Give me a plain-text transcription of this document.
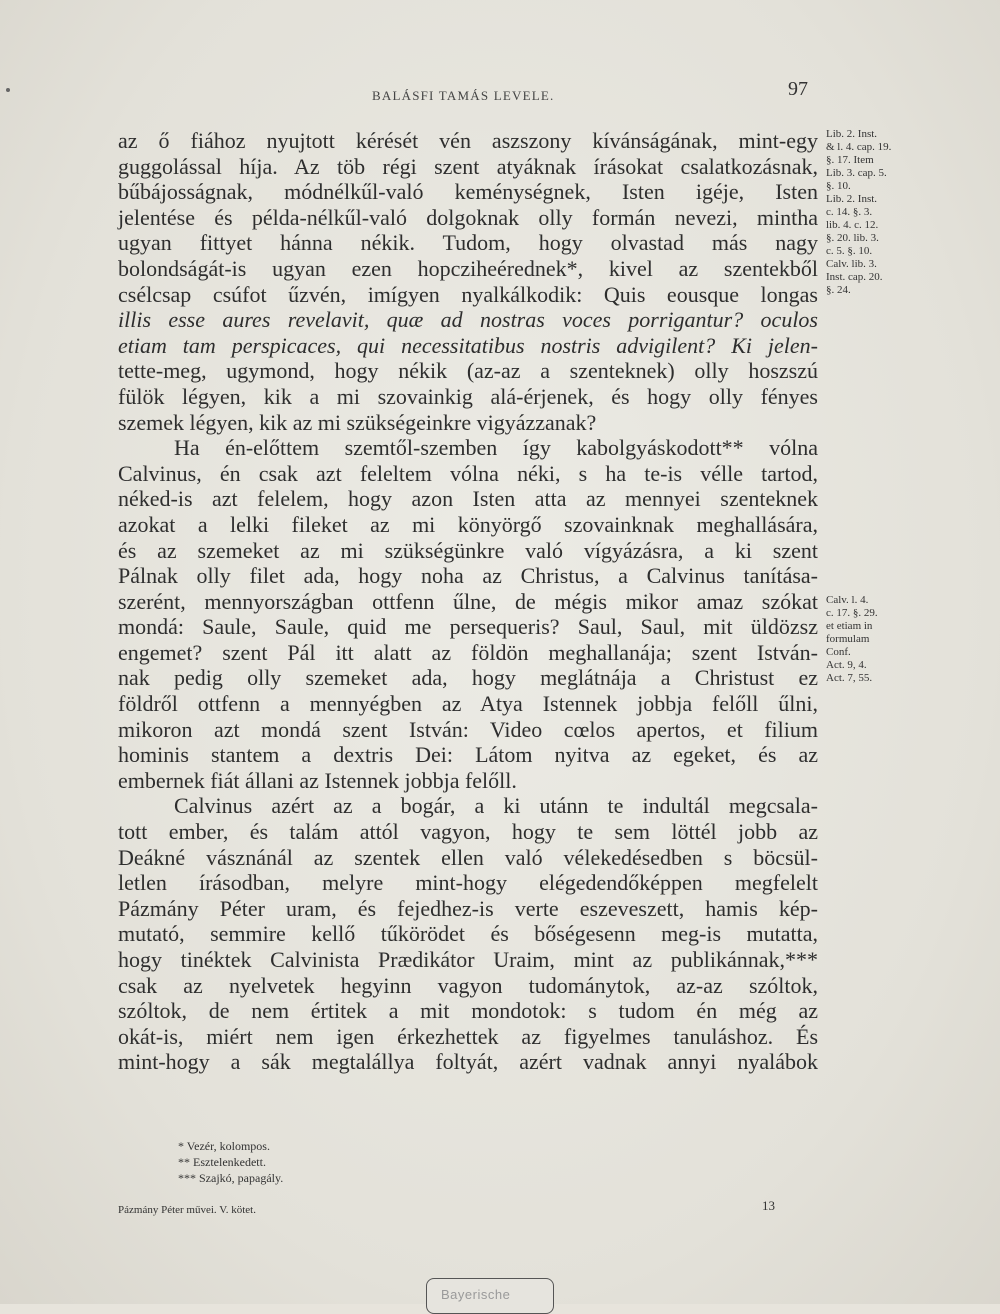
BALÁSFI TAMÁS LEVELE.	97
az ő fiához nyujtott kérését vén aszszony kívánságának, mint-egy
guggolással híja. Az töb régi szent atyáknak írásokat csalatkozásnak,
bűbájosságnak, módnélkűl-való keménységnek, Isten igéje, Isten
jelentése és példa-nélkűl-való dolgoknak olly formán nevezi, mintha
ugyan fittyet hánna nékik. Tudom, hogy olvastad más nagy
bolondságát-is ugyan ezen hopcziheérednek*, kivel az szentekből
csélcsap csúfot űzvén, imígyen nyalkálkodik: Quis eousque longas
illis esse aures revelavit, quæ ad nostras voces porrigantur? oculos
etiam tam perspicaces, qui necessitatibus nostris advigilent? Ki jelen-
tette-meg, ugymond, hogy nékik (az-az a szenteknek) olly hoszszú
fülök légyen, kik a mi szovainkig alá-érjenek, és hogy olly fényes
szemek légyen, kik az mi szükségeinkre vigyázzanak?
Ha én-előttem szemtől-szemben így kabolgyáskodott** vólna
Calvinus, én csak azt feleltem vólna néki, s ha te-is vélle tartod,
néked-is azt felelem, hogy azon Isten atta az mennyei szenteknek
azokat a lelki fileket az mi könyörgő szovainknak meghallására,
és az szemeket az mi szükségünkre való vígyázásra, a ki szent
Pálnak olly filet ada, hogy noha az Christus, a Calvinus tanítása-
szerént, mennyországban ottfenn űlne, de mégis mikor amaz szókat
mondá: Saule, Saule, quid me persequeris? Saul, Saul, mit üldözsz
engemet? szent Pál itt alatt az földön meghallanája; szent István-
nak pedig olly szemeket ada, hogy meglátnája a Christust ez
földről ottfenn a mennyégben az Atya Istennek jobbja felőll űlni,
mikoron azt mondá szent István: Video cœlos apertos, et filium
hominis stantem a dextris Dei: Látom nyitva az egeket, és az
embernek fiát állani az Istennek jobbja felőll.
Calvinus azért az a bogár, a ki utánn te indultál megcsala-
tott ember, és talám attól vagyon, hogy te sem löttél jobb az
Deákné vásznánál az szentek ellen való vélekedésedben s böcsül-
letlen írásodban, melyre mint-hogy elégedendőképpen megfelelt
Pázmány Péter uram, és fejedhez-is verte eszeveszett, hamis kép-
mutató, semmire kellő tűkörödet és bőségesenn meg-is mutatta,
hogy tinéktek Calvinista Prædikátor Uraim, mint az publikánnak,***
csak az nyelvetek hegyinn vagyon tudománytok, az-az szóltok,
szóltok, de nem értitek a mit mondotok: s tudom én még az
okát-is, miért nem igen érkezhettek az figyelmes tanuláshoz. És
mint-hogy a sák megtalállya foltyát, azért vadnak annyi nyalábok
Lib. 2. Inst.
& l. 4. cap. 19.
§. 17. Item
Lib. 3. cap. 5.
§. 10.
Lib. 2. Inst.
c. 14. §. 3.
lib. 4. c. 12.
§. 20. lib. 3.
c. 5. §. 10.
Calv. lib. 3.
Inst. cap. 20.
§. 24.
Calv. l. 4.
c. 17. §. 29.
et etiam in
formulam
Conf.
Act. 9, 4.
Act. 7, 55.
* Vezér, kolompos.
** Esztelenkedett.
*** Szajkó, papagály.
Pázmány Péter művei. V. kötet.	13
Bayerische
